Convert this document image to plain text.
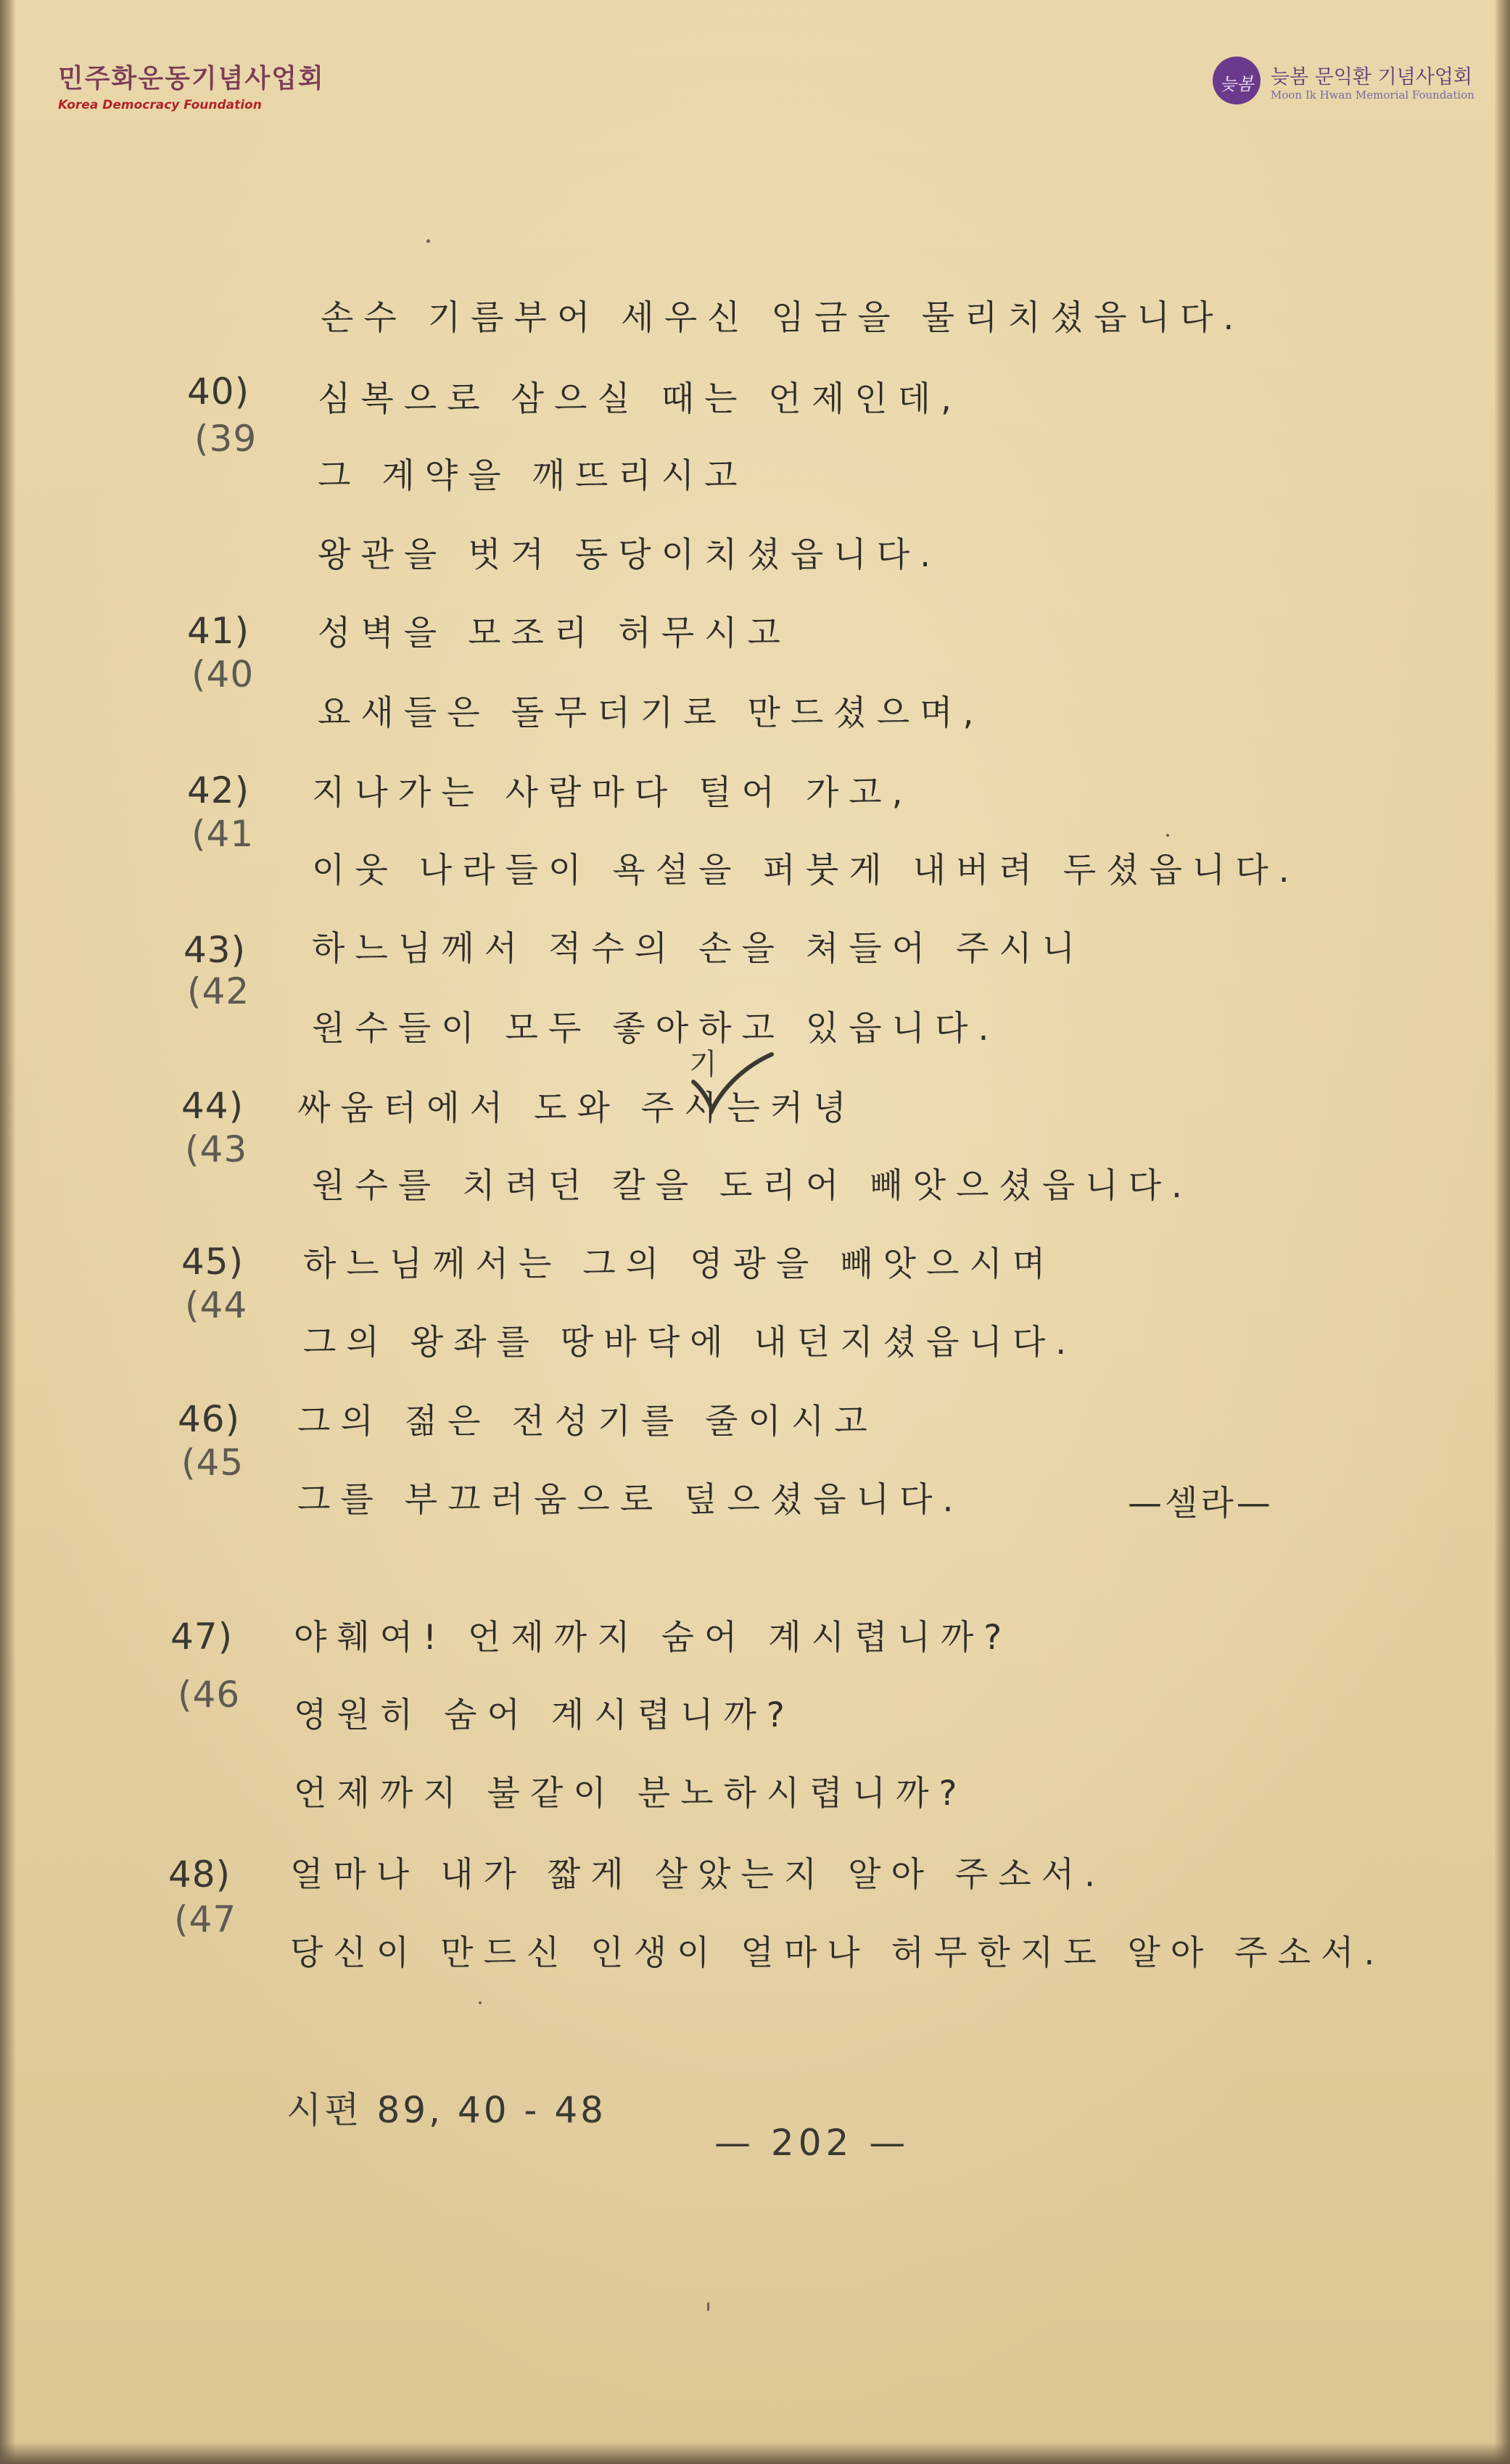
민주화운동기념사업회
Korea Democracy Foundation
늦봄 늦봄 문익환 기념사업회
Moon Ik Hwan Memorial Foundation
손수 기름부어 세우신 임금을 물리치셨읍니다.
40)
(39
심복으로 삼으실 때는 언제인데,
그 계약을 깨뜨리시고
왕관을 벗겨 동당이치셨읍니다.
41)
(40
성벽을 모조리 허무시고
요새들은 돌무더기로 만드셨으며,
42)
(41
지나가는 사람마다 털어 가고,
이웃 나라들이 욕설을 퍼붓게 내버려 두셨읍니다.
43)
(42
하느님께서 적수의 손을 쳐들어 주시니
원수들이 모두 좋아하고 있읍니다.
44)
(43
싸움터에서 도와 주시는커녕
기
원수를 치려던 칼을 도리어 빼앗으셨읍니다.
45)
(44
하느님께서는 그의 영광을 빼앗으시며
그의 왕좌를 땅바닥에 내던지셨읍니다.
46)
(45
그의 젊은 전성기를 줄이시고
그를 부끄러움으로 덮으셨읍니다.	—셀라—
47)
(46
야훼여! 언제까지 숨어 계시렵니까?
영원히 숨어 계시렵니까?
언제까지 불같이 분노하시렵니까?
48)
(47
얼마나 내가 짧게 살았는지 알아 주소서.
당신이 만드신 인생이 얼마나 허무한지도 알아 주소서.
시편 89, 40 - 48
— 202 —
